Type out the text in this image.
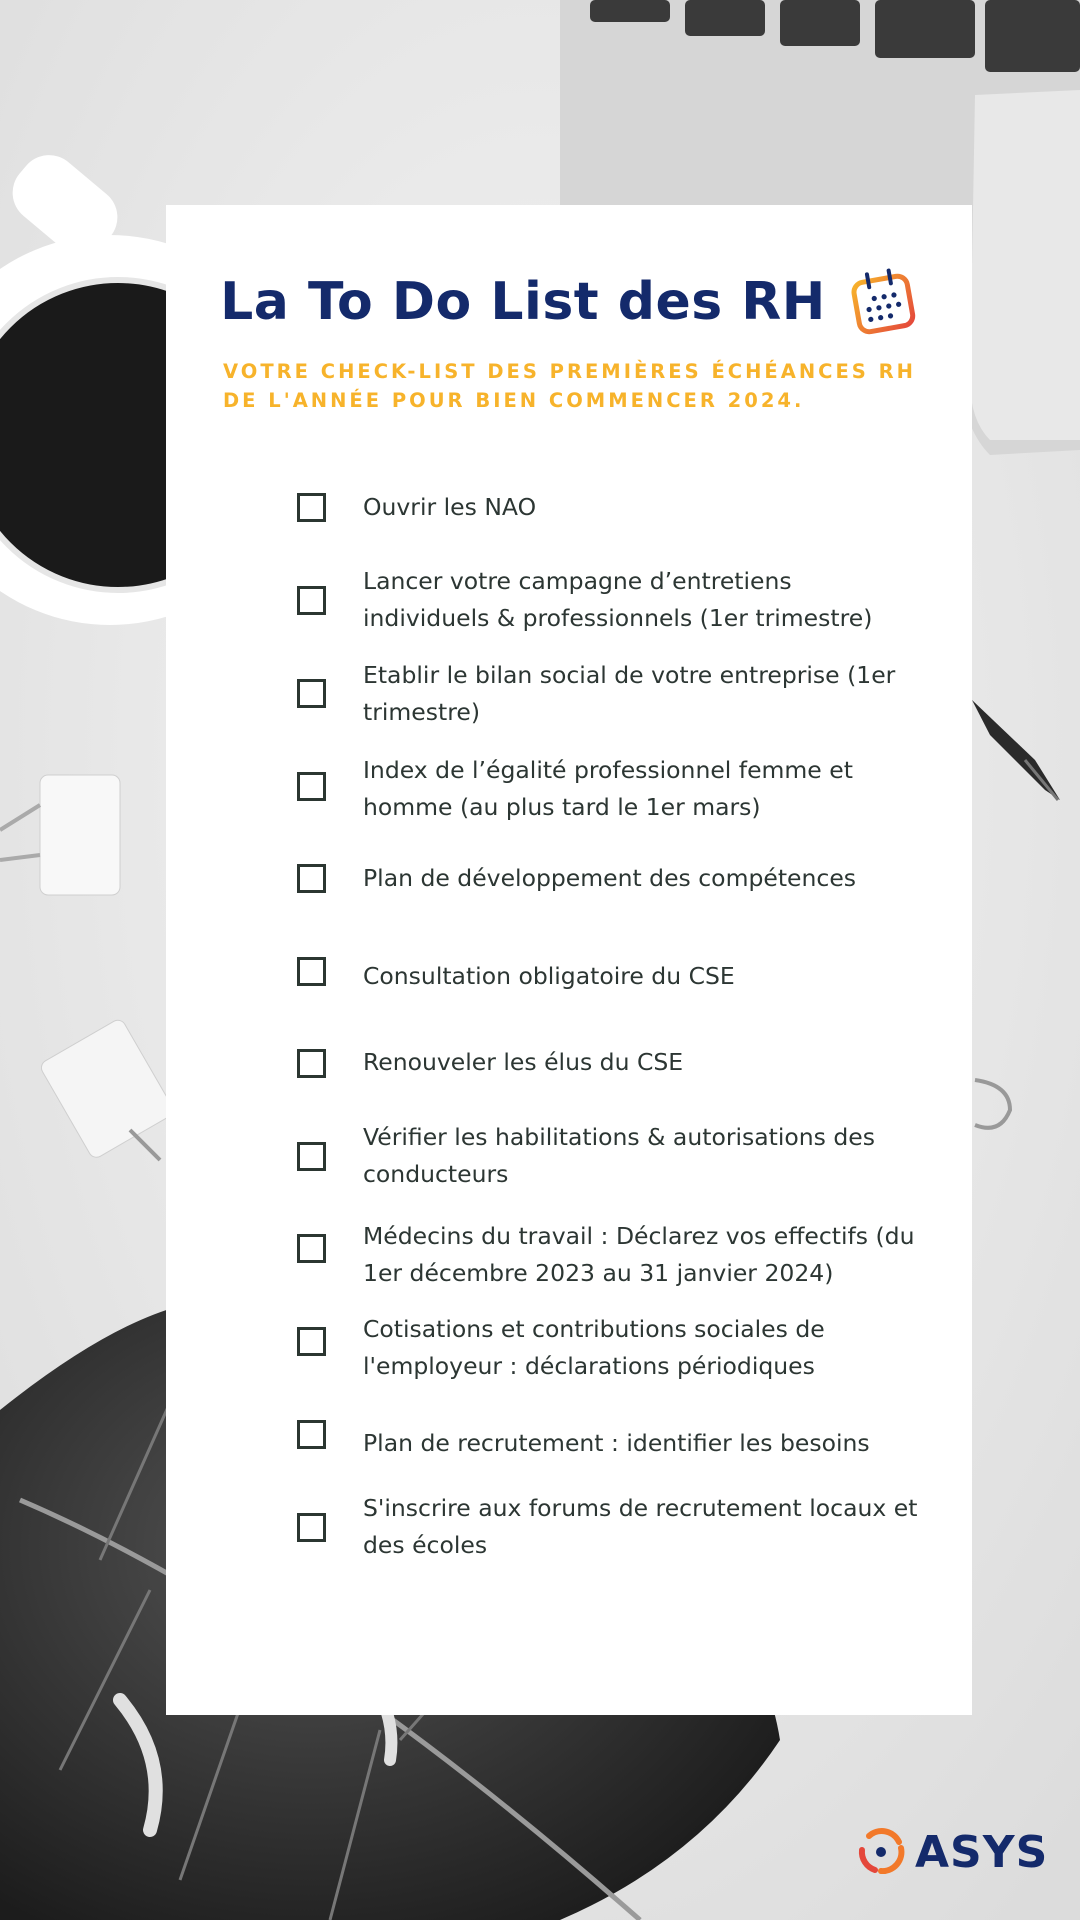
La To Do List des RH

VOTRE CHECK-LIST DES PREMIÈRES ÉCHÉANCES RH DE L'ANNÉE POUR BIEN COMMENCER 2024.

Ouvrir les NAO
Lancer votre campagne d’entretiens individuels & professionnels (1er trimestre)
Etablir le bilan social de votre entreprise (1er trimestre)
Index de l’égalité professionnel femme et homme (au plus tard le 1er mars)
Plan de développement des compétences
Consultation obligatoire du CSE
Renouveler les élus du CSE
Vérifier les habilitations & autorisations des conducteurs
Médecins du travail : Déclarez vos effectifs (du 1er décembre 2023 au 31 janvier 2024)
Cotisations et contributions sociales de l'employeur : déclarations périodiques
Plan de recrutement : identifier les besoins
S'inscrire aux forums de recrutement locaux et des écoles
ASYS
